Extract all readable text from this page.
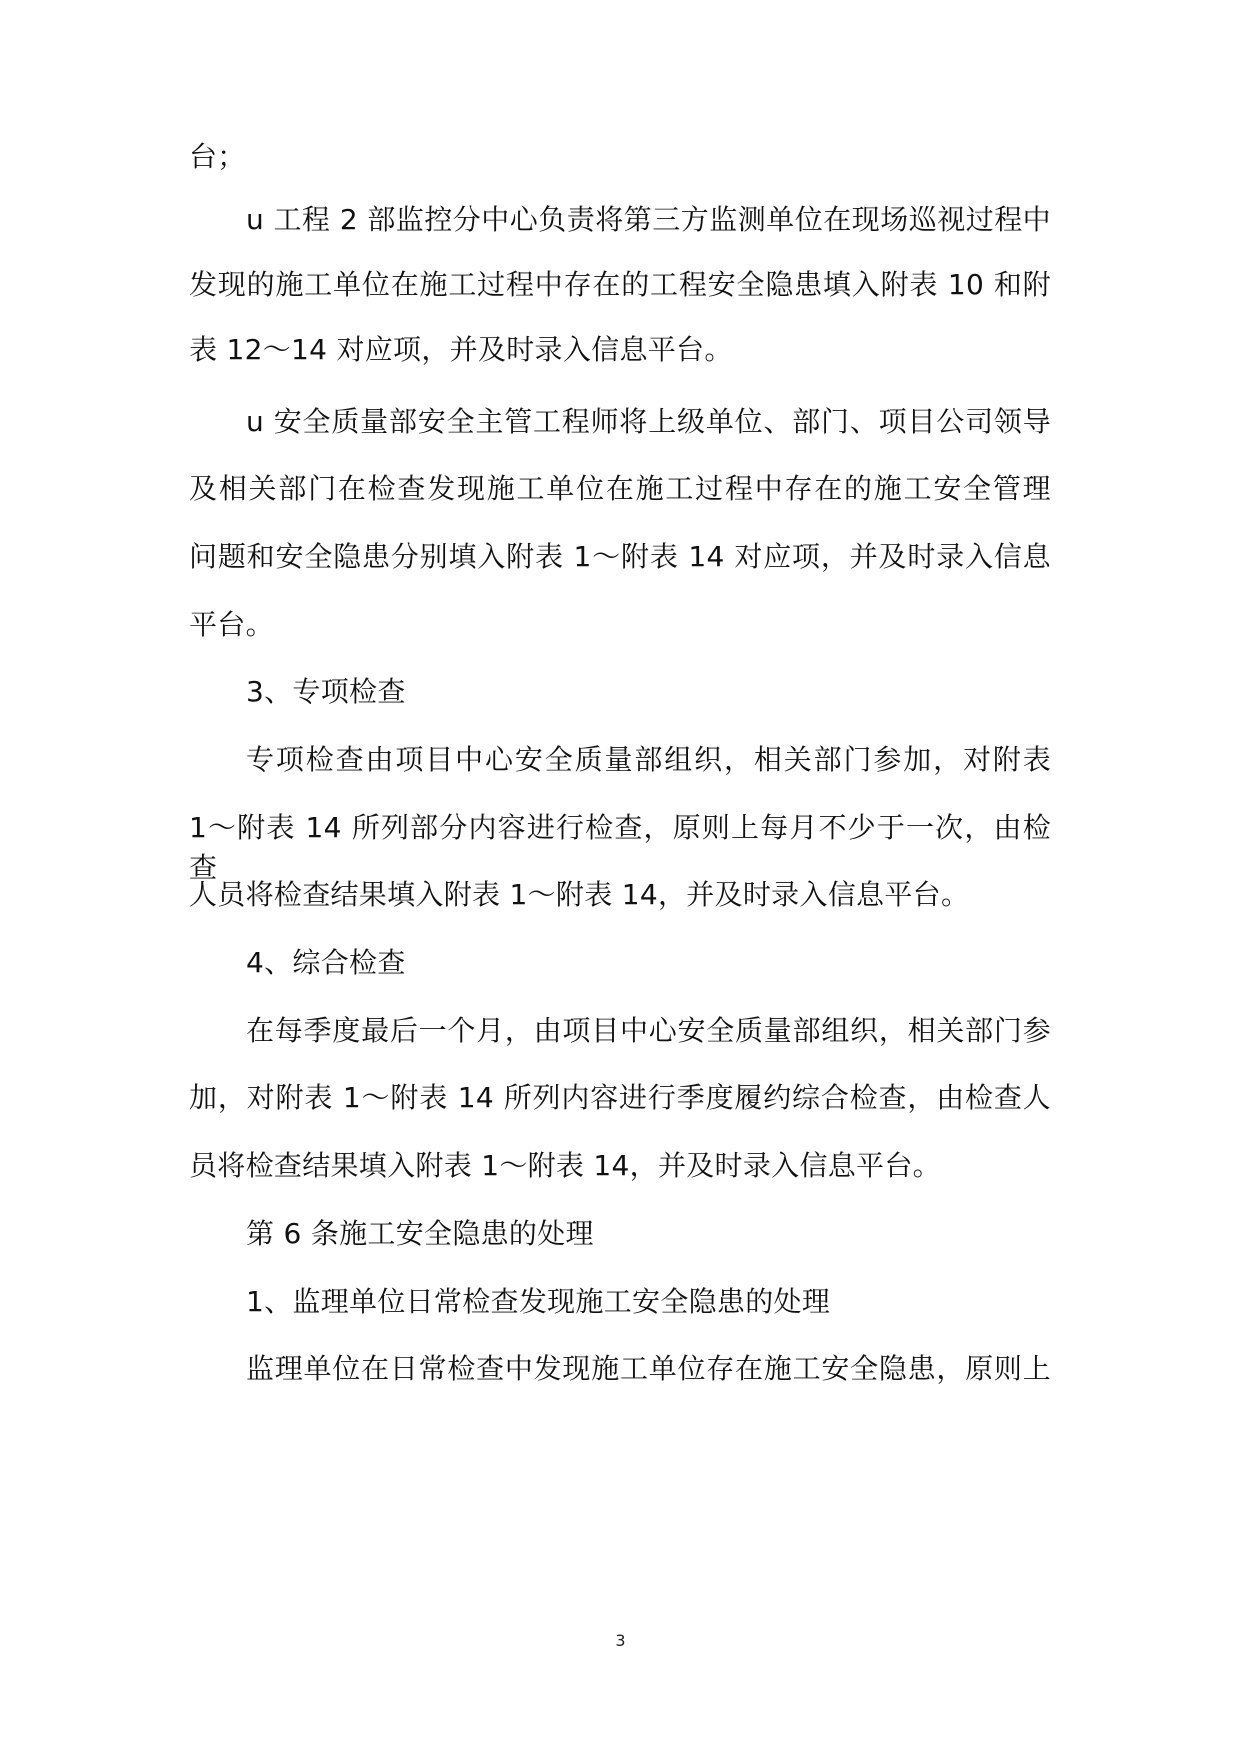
台；
u 工程 2 部监控分中心负责将第三方监测单位在现场巡视过程中
发现的施工单位在施工过程中存在的工程安全隐患填入附表 10 和附
表 12～14 对应项，并及时录入信息平台。
u 安全质量部安全主管工程师将上级单位、部门、项目公司领导
及相关部门在检查发现施工单位在施工过程中存在的施工安全管理
问题和安全隐患分别填入附表 1～附表 14 对应项，并及时录入信息
平台。
3、专项检查
专项检查由项目中心安全质量部组织，相关部门参加，对附表
1～附表 14 所列部分内容进行检查，原则上每月不少于一次，由检查
人员将检查结果填入附表 1～附表 14，并及时录入信息平台。
4、综合检查
在每季度最后一个月，由项目中心安全质量部组织，相关部门参
加，对附表 1～附表 14 所列内容进行季度履约综合检查，由检查人
员将检查结果填入附表 1～附表 14，并及时录入信息平台。
第 6 条施工安全隐患的处理
1、监理单位日常检查发现施工安全隐患的处理
监理单位在日常检查中发现施工单位存在施工安全隐患，原则上
3
